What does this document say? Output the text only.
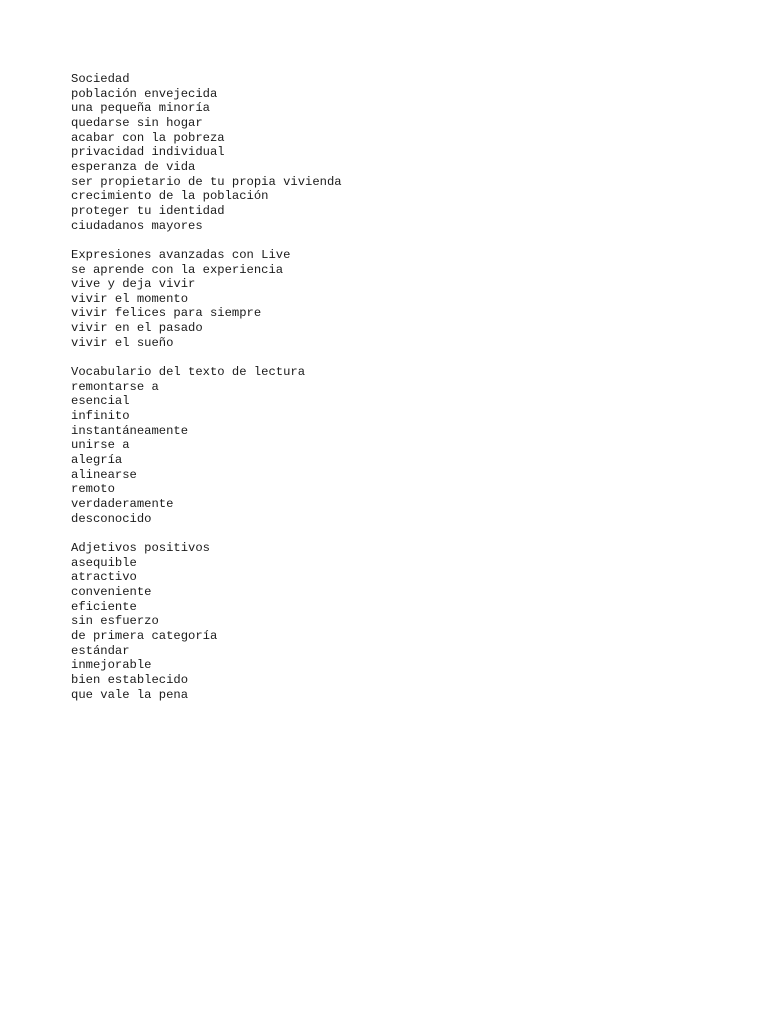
Sociedad
población envejecida
una pequeña minoría
quedarse sin hogar
acabar con la pobreza
privacidad individual
esperanza de vida
ser propietario de tu propia vivienda
crecimiento de la población
proteger tu identidad
ciudadanos mayores
Expresiones avanzadas con Live
se aprende con la experiencia
vive y deja vivir
vivir el momento
vivir felices para siempre
vivir en el pasado
vivir el sueño
Vocabulario del texto de lectura
remontarse a
esencial
infinito
instantáneamente
unirse a
alegría
alinearse
remoto
verdaderamente
desconocido
Adjetivos positivos
asequible
atractivo
conveniente
eficiente
sin esfuerzo
de primera categoría
estándar
inmejorable
bien establecido
que vale la pena
